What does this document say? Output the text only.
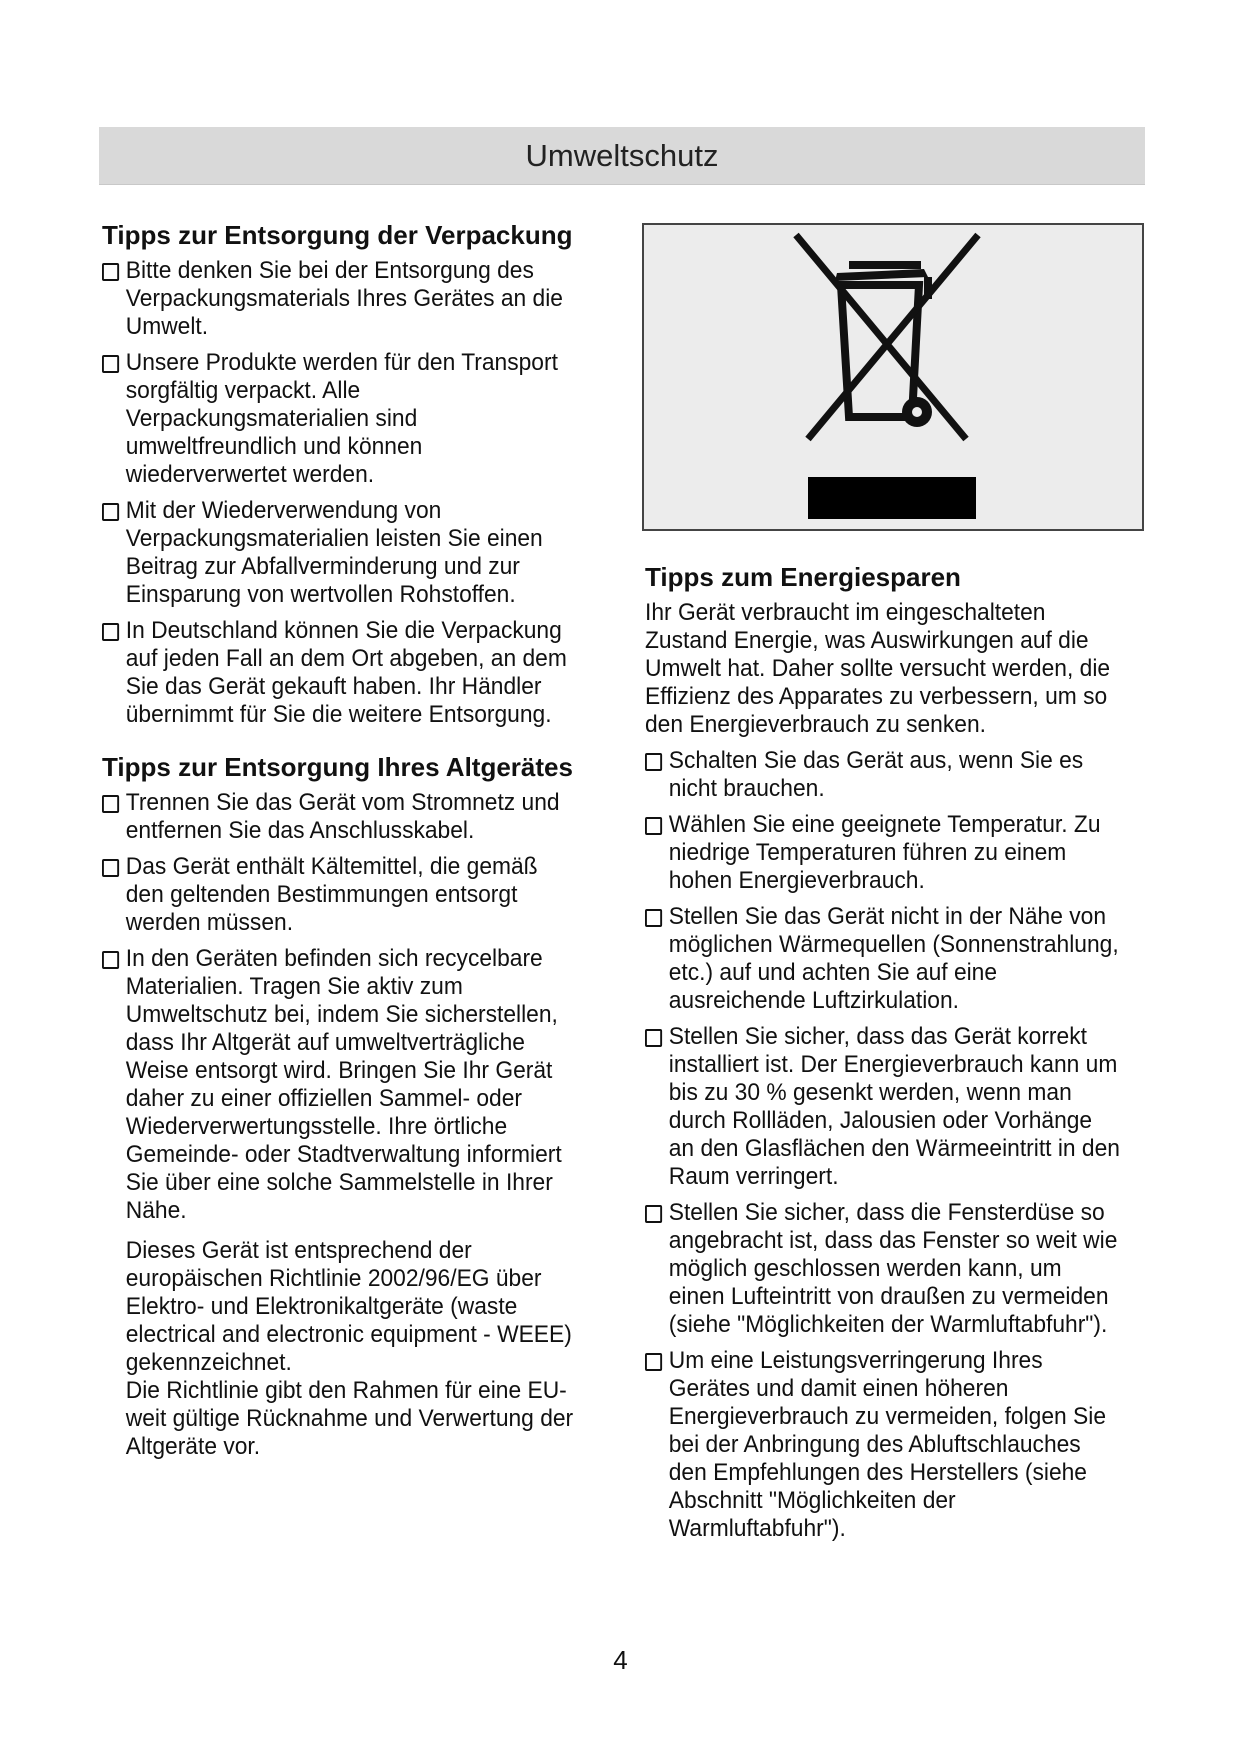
Umweltschutz
Tipps zur Entsorgung der Verpackung
Bitte denken Sie bei der Entsorgung des Verpackungsmaterials Ihres Gerätes an die Umwelt.
Unsere Produkte werden für den Transport sorgfältig verpackt. Alle Verpackungsmaterialien sind umweltfreundlich und können wiederverwertet werden.
Mit der Wiederverwendung von Verpackungsmaterialien leisten Sie einen Beitrag zur Abfallverminderung und zur Einsparung von wertvollen Rohstoffen.
In Deutschland können Sie die Verpackung auf jeden Fall an dem Ort abgeben, an dem Sie das Gerät gekauft haben. Ihr Händler übernimmt für Sie die weitere Entsorgung.
Tipps zur Entsorgung Ihres Altgerätes
Trennen Sie das Gerät vom Stromnetz und entfernen Sie das Anschlusskabel.
Das Gerät enthält Kältemittel, die gemäß den geltenden Bestimmungen entsorgt werden müssen.
In den Geräten befinden sich recycelbare Materialien. Tragen Sie aktiv zum Umweltschutz bei, indem Sie sicherstellen, dass Ihr Altgerät auf umweltverträgliche Weise entsorgt wird. Bringen Sie Ihr Gerät daher zu einer offiziellen Sammel- oder Wiederverwertungsstelle. Ihre örtliche Gemeinde- oder Stadtverwaltung informiert Sie über eine solche Sammelstelle in Ihrer Nähe.

Dieses Gerät ist entsprechend der europäischen Richtlinie 2002/96/EG über Elektro- und Elektronikaltgeräte (waste electrical and electronic equipment - WEEE) gekennzeichnet.

Die Richtlinie gibt den Rahmen für eine EU-weit gültige Rücknahme und Verwertung der Altgeräte vor.

Tipps zum Energiesparen

Ihr Gerät verbraucht im eingeschalteten Zustand Energie, was Auswirkungen auf die Umwelt hat. Daher sollte versucht werden, die Effizienz des Apparates zu verbessern, um so den Energieverbrauch zu senken.

Schalten Sie das Gerät aus, wenn Sie es nicht brauchen.
Wählen Sie eine geeignete Temperatur. Zu niedrige Temperaturen führen zu einem hohen Energieverbrauch.
Stellen Sie das Gerät nicht in der Nähe von möglichen Wärmequellen (Sonnenstrahlung, etc.) auf und achten Sie auf eine ausreichende Luftzirkulation.
Stellen Sie sicher, dass das Gerät korrekt installiert ist. Der Energieverbrauch kann um bis zu 30 % gesenkt werden, wenn man durch Rollläden, Jalousien oder Vorhänge an den Glasflächen den Wärmeeintritt in den Raum verringert.
Stellen Sie sicher, dass die Fensterdüse so angebracht ist, dass das Fenster so weit wie möglich geschlossen werden kann, um einen Lufteintritt von draußen zu vermeiden (siehe "Möglichkeiten der Warmluftabfuhr").
Um eine Leistungsverringerung Ihres Gerätes und damit einen höheren Energieverbrauch zu vermeiden, folgen Sie bei der Anbringung des Abluftschlauches den Empfehlungen des Herstellers (siehe Abschnitt "Möglichkeiten der Warmluftabfuhr").
4
